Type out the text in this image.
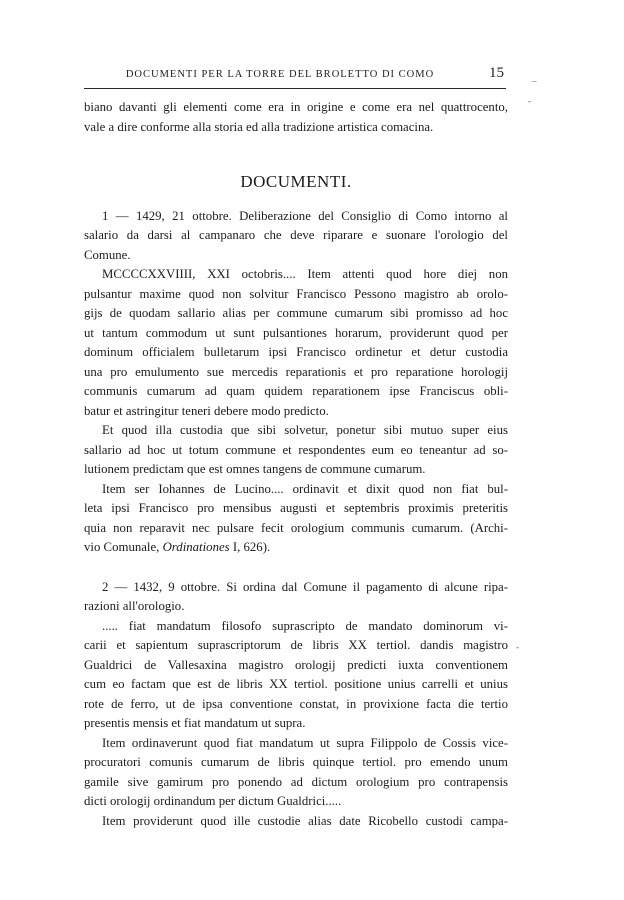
DOCUMENTI PER LA TORRE DEL BROLETTO DI COMO	15	–
-
-
biano davanti gli elementi come era in origine e come era nel quattrocento,
vale a dire conforme alla storia ed alla tradizione artistica comacina.
DOCUMENTI.
1 — 1429, 21 ottobre. Deliberazione del Consiglio di Como intorno al
salario da darsi al campanaro che deve riparare e suonare l'orologio del
Comune.
MCCCCXXVIIII, XXI octobris.... Item attenti quod hore diej non
pulsantur maxime quod non solvitur Francisco Pessono magistro ab orolo-
gijs de quodam sallario alias per commune cumarum sibi promisso ad hoc
ut tantum commodum ut sunt pulsantiones horarum, providerunt quod per
dominum officialem bulletarum ipsi Francisco ordinetur et detur custodia
una pro emulumento sue mercedis reparationis et pro reparatione horologij
communis cumarum ad quam quidem reparationem ipse Franciscus obli-
batur et astringitur teneri debere modo predicto.
Et quod illa custodia que sibi solvetur, ponetur sibi mutuo super eius
sallario ad hoc ut totum commune et respondentes eum eo teneantur ad so-
lutionem predictam que est omnes tangens de commune cumarum.
Item ser Iohannes de Lucino.... ordinavit et dixit quod non fiat bul-
leta ipsi Francisco pro mensibus augusti et septembris proximis preteritis
quia non reparavit nec pulsare fecit orologium communis cumarum. (Archi-
vio Comunale, Ordinationes I, 626).
2 — 1432, 9 ottobre. Si ordina dal Comune il pagamento di alcune ripa-
razioni all'orologio.
..... fiat mandatum filosofo suprascripto de mandato dominorum vi-
carii et sapientum suprascriptorum de libris XX tertiol. dandis magistro
Gualdrici de Vallesaxina magistro orologij predicti iuxta conventionem
cum eo factam que est de libris XX tertiol. positione unius carrelli et unius
rote de ferro, ut de ipsa conventione constat, in provixione facta die tertio
presentis mensis et fiat mandatum ut supra.
Item ordinaverunt quod fiat mandatum ut supra Filippolo de Cossis vice-
procuratori comunis cumarum de libris quinque tertiol. pro emendo unum
gamile sive gamirum pro ponendo ad dictum orologium pro contrapensis
dicti orologij ordinandum per dictum Gualdrici.....
Item providerunt quod ille custodie alias date Ricobello custodi campa-
